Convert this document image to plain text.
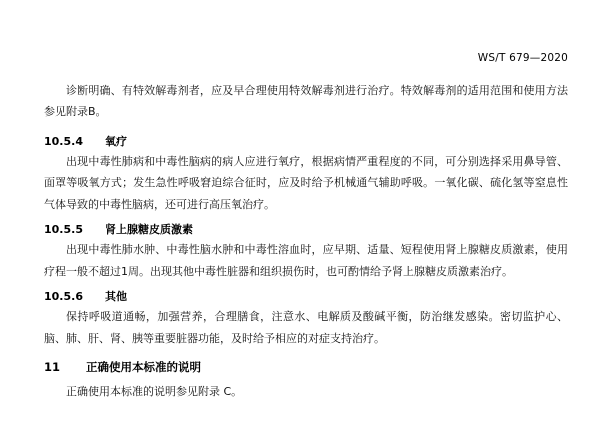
WS/T 679—2020

诊断明确、有特效解毒剂者，应及早合理使用特效解毒剂进行治疗。特效解毒剂的适用范围和使用方法参见附录B。

10.5.4 氧疗

出现中毒性肺病和中毒性脑病的病人应进行氧疗，根据病情严重程度的不同，可分别选择采用鼻导管、面罩等吸氧方式；发生急性呼吸窘迫综合征时，应及时给予机械通气辅助呼吸。一氧化碳、硫化氢等窒息性气体导致的中毒性脑病，还可进行高压氧治疗。

10.5.5 肾上腺糖皮质激素

出现中毒性肺水肿、中毒性脑水肿和中毒性溶血时，应早期、适量、短程使用肾上腺糖皮质激素，使用疗程一般不超过1周。出现其他中毒性脏器和组织损伤时，也可酌情给予肾上腺糖皮质激素治疗。

10.5.6 其他

保持呼吸道通畅，加强营养，合理膳食，注意水、电解质及酸碱平衡，防治继发感染。密切监护心、脑、肺、肝、肾、胰等重要脏器功能，及时给予相应的对症支持治疗。

11 正确使用本标准的说明

正确使用本标准的说明参见附录 C。
